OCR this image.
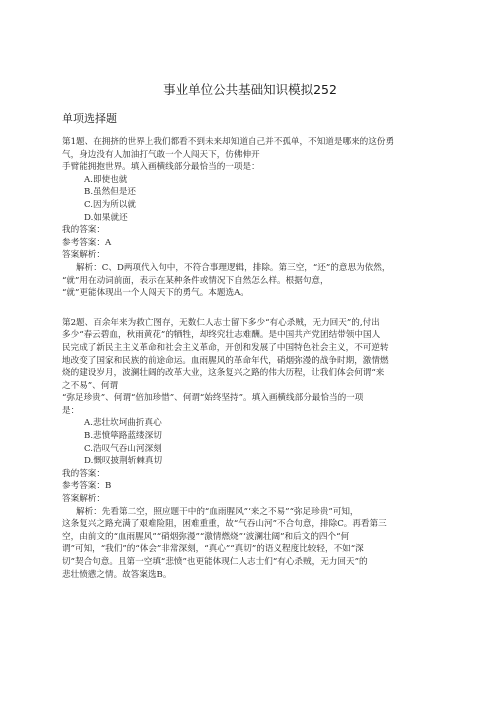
事业单位公共基础知识模拟252
单项选择题

第1题、在拥挤的世界上我们都看不到未来却知道自己并不孤单，不知道是哪来的这份勇

气，身边没有人加油打气敢一个人闯天下，仿佛伸开

手臂能拥抱世界。填入画横线部分最恰当的一项是：

A.即使也就

B.虽然但是还

C.因为所以就

D.如果就还

我的答案：

参考答案：A

答案解析：

解析：C、D两项代入句中，不符合事理逻辑，排除。第三空，“还”的意思为依然，

“就”用在动词前面，表示在某种条件或情况下自然怎么样。根据句意，

“就”更能体现出一个人闯天下的勇气。本题选A。

第2题、百余年来为救亡图存，无数仁人志士留下多少“有心杀贼，无力回天”的,付出

多少“春云碧血，秋雨黄花”的牺牲，却终究壮志难酬。是中国共产党团结带领中国人

民完成了新民主主义革命和社会主义革命，开创和发展了中国特色社会主义，不可逆转

地改变了国家和民族的前途命运。血雨腥风的革命年代，硝烟弥漫的战争时期，激情燃

烧的建设岁月，波澜壮阔的改革大业，这条复兴之路的伟大历程，让我们体会何谓“来

之不易”、何谓

“弥足珍贵”、何谓“倍加珍惜”、何谓“始终坚持”。填入画横线部分最恰当的一项

是：

A.悲壮坎坷曲折真心

B.悲愤筚路蓝缕深切

C.浩叹气吞山河深刻

D.慨叹披荆斩棘真切

我的答案：

参考答案：B

答案解析：

解析：先看第二空，照应题干中的“血雨腥风”‘来之不易”“弥足珍贵”可知，

这条复兴之路充满了艰难险阻，困难重重，故“气吞山河”不合句意，排除C。再看第三

空，由前文的“血雨腥风”“硝烟弥漫”“激情燃烧”‘波澜壮阔”和后文的四个“何

谓”可知，“我们”的“体会”非常深刻，“真心”“真切”的语义程度比较轻，不如“深

切”契合句意。且第一空填“悲愤”也更能体现仁人志士们“有心杀贼，无力回天”的

悲壮愤懑之情。故答案选B。
